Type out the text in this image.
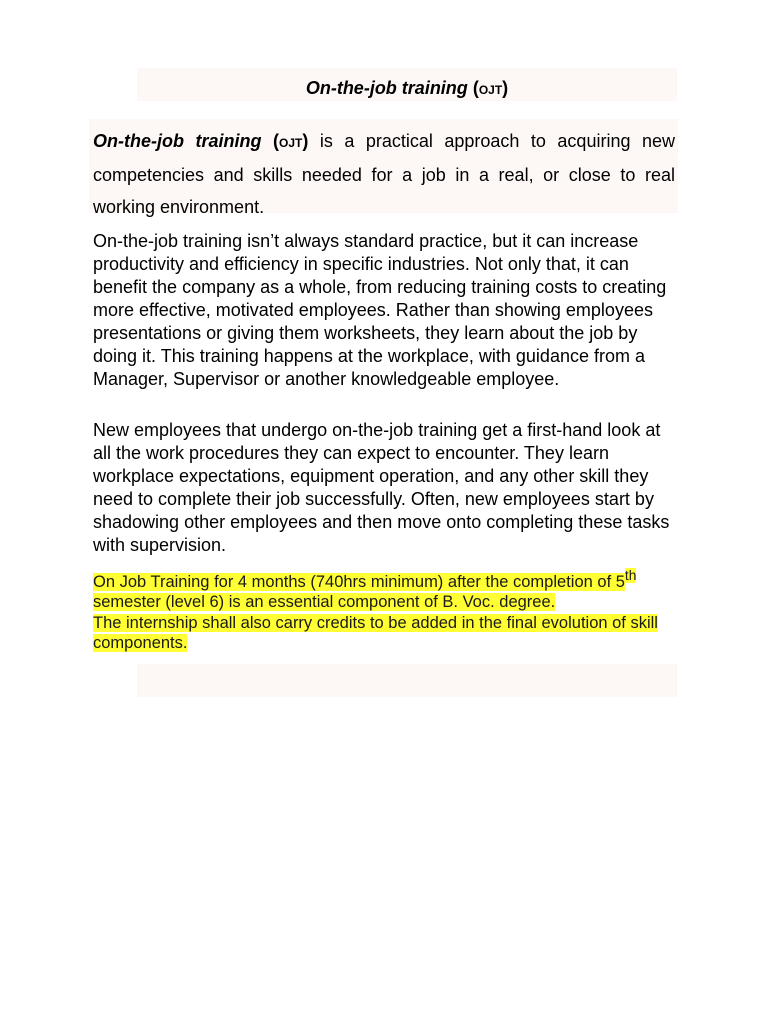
On-the-job training (OJT)
On-the-job training (OJT) is a practical approach to acquiring new competencies and skills needed for a job in a real, or close to real working environment.
On-the-job training isn’t always standard practice, but it can increase productivity and efficiency in specific industries. Not only that, it can benefit the company as a whole, from reducing training costs to creating more effective, motivated employees. Rather than showing employees presentations or giving them worksheets, they learn about the job by doing it. This training happens at the workplace, with guidance from a Manager, Supervisor or another knowledgeable employee.
New employees that undergo on-the-job training get a first-hand look at all the work procedures they can expect to encounter. They learn workplace expectations, equipment operation, and any other skill they need to complete their job successfully. Often, new employees start by shadowing other employees and then move onto completing these tasks with supervision.
On Job Training for 4 months (740hrs minimum) after the completion of 5th semester (level 6) is an essential component of B. Voc. degree.
The internship shall also carry credits to be added in the final evolution of skill components.
